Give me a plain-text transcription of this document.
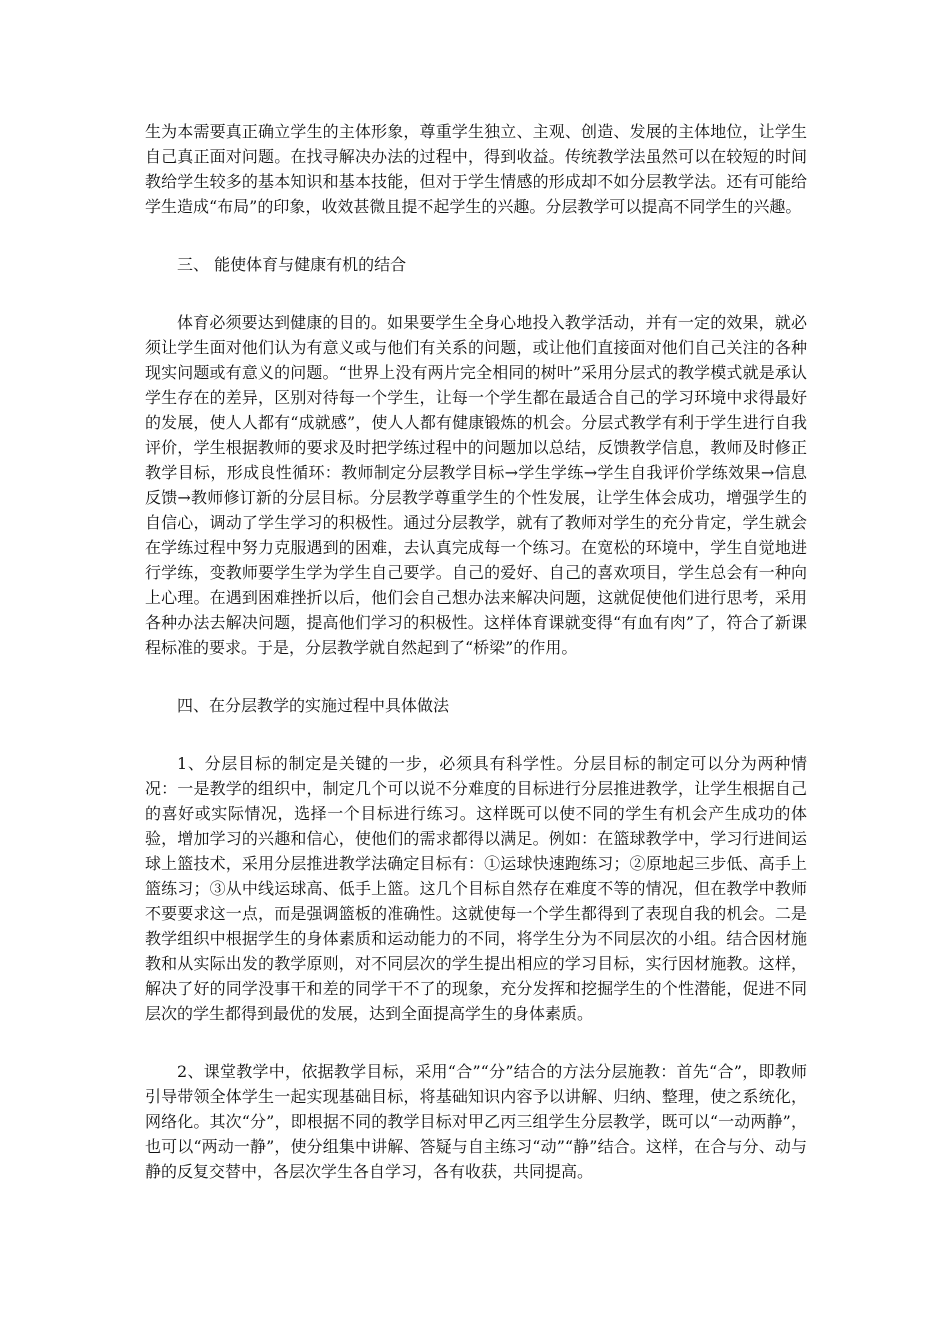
生为本需要真正确立学生的主体形象，尊重学生独立、主观、创造、发展的主体地位，让学生自己真正面对问题。在找寻解决办法的过程中，得到收益。传统教学法虽然可以在较短的时间教给学生较多的基本知识和基本技能，但对于学生情感的形成却不如分层教学法。还有可能给学生造成“布局”的印象，收效甚微且提不起学生的兴趣。分层教学可以提高不同学生的兴趣。

三、 能使体育与健康有机的结合

体育必须要达到健康的目的。如果要学生全身心地投入教学活动，并有一定的效果，就必须让学生面对他们认为有意义或与他们有关系的问题，或让他们直接面对他们自己关注的各种现实问题或有意义的问题。“世界上没有两片完全相同的树叶”采用分层式的教学模式就是承认学生存在的差异，区别对待每一个学生，让每一个学生都在最适合自己的学习环境中求得最好的发展，使人人都有“成就感”，使人人都有健康锻炼的机会。分层式教学有利于学生进行自我评价，学生根据教师的要求及时把学练过程中的问题加以总结，反馈教学信息，教师及时修正教学目标，形成良性循环：教师制定分层教学目标→学生学练→学生自我评价学练效果→信息反馈→教师修订新的分层目标。分层教学尊重学生的个性发展，让学生体会成功，增强学生的自信心，调动了学生学习的积极性。通过分层教学，就有了教师对学生的充分肯定，学生就会在学练过程中努力克服遇到的困难，去认真完成每一个练习。在宽松的环境中，学生自觉地进行学练，变教师要学生学为学生自己要学。自己的爱好、自己的喜欢项目，学生总会有一种向上心理。在遇到困难挫折以后，他们会自己想办法来解决问题，这就促使他们进行思考，采用各种办法去解决问题，提高他们学习的积极性。这样体育课就变得“有血有肉”了，符合了新课程标准的要求。于是，分层教学就自然起到了“桥梁”的作用。

四、在分层教学的实施过程中具体做法

1、分层目标的制定是关键的一步，必须具有科学性。分层目标的制定可以分为两种情况：一是教学的组织中，制定几个可以说不分难度的目标进行分层推进教学，让学生根据自己的喜好或实际情况，选择一个目标进行练习。这样既可以使不同的学生有机会产生成功的体验，增加学习的兴趣和信心，使他们的需求都得以满足。例如：在篮球教学中，学习行进间运球上篮技术，采用分层推进教学法确定目标有：①运球快速跑练习；②原地起三步低、高手上篮练习；③从中线运球高、低手上篮。这几个目标自然存在难度不等的情况，但在教学中教师不要要求这一点，而是强调篮板的准确性。这就使每一个学生都得到了表现自我的机会。二是教学组织中根据学生的身体素质和运动能力的不同，将学生分为不同层次的小组。结合因材施教和从实际出发的教学原则，对不同层次的学生提出相应的学习目标，实行因材施教。这样，解决了好的同学没事干和差的同学干不了的现象，充分发挥和挖掘学生的个性潜能，促进不同层次的学生都得到最优的发展，达到全面提高学生的身体素质。

2、课堂教学中，依据教学目标，采用“合”“分”结合的方法分层施教：首先“合”，即教师引导带领全体学生一起实现基础目标，将基础知识内容予以讲解、归纳、整理，使之系统化，网络化。其次“分”，即根据不同的教学目标对甲乙丙三组学生分层教学，既可以“一动两静”，也可以“两动一静”，使分组集中讲解、答疑与自主练习“动”“静”结合。这样，在合与分、动与静的反复交替中，各层次学生各自学习，各有收获，共同提高。
